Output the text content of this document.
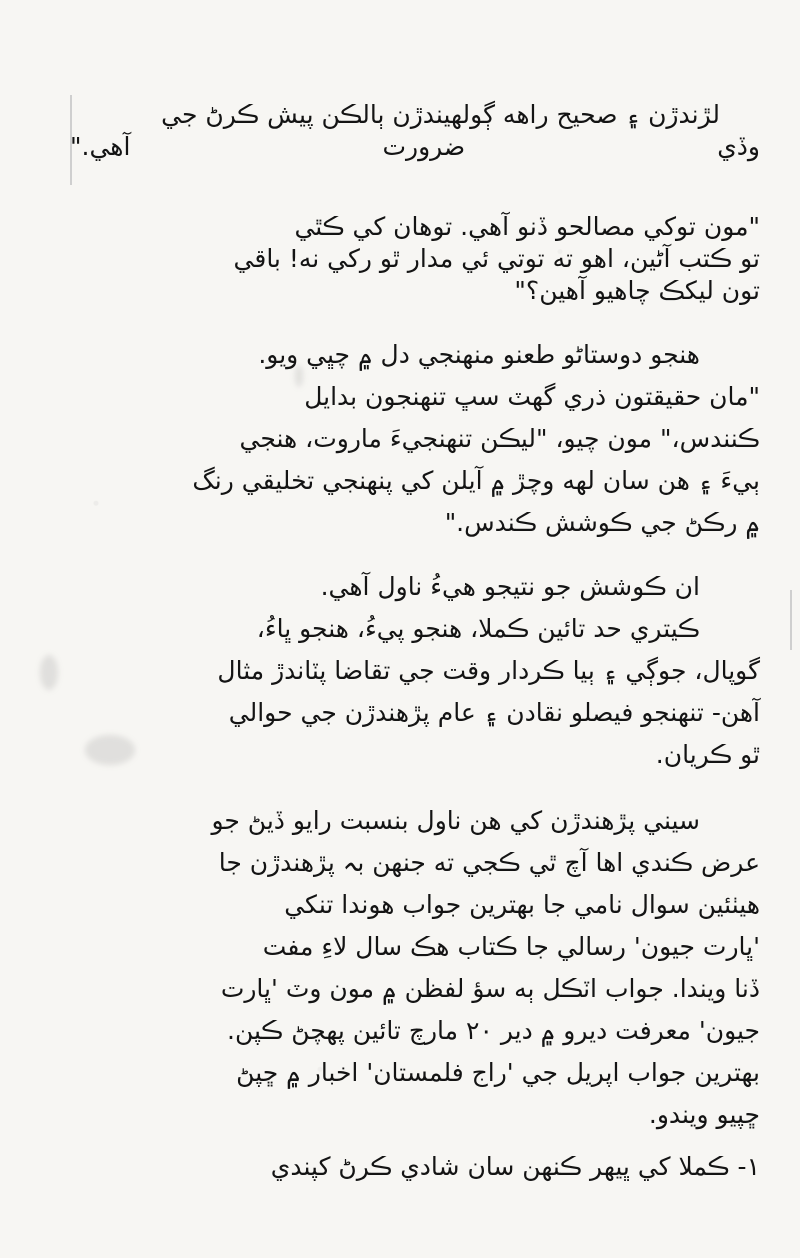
لڙندڙن ۽ صحيح راهه ڳولهيندڙن ٻالڪن پيش ڪرڻ جي
وڏي ضرورت آهي."
"مون توکي مصالحو ڏنو آهي. توهان کي ڪٿي
تو ڪتب آڻين، اهو ته توتي ئي مدار ٿو رکي نه! باقي
تون ليکڪ چاهيو آهين؟"
هنجو دوستاڻو طعنو منهنجي دل ۾ چڀي ويو.
"مان حقيقتون ذري گهٽ سڀ تنهنجون بدايل
ڪنندس،" مون چيو، "ليڪن تنهنجيءَ ماروت، هنجي
ٻيءَ ۽ هن سان لهه وچڙ ۾ آيلن کي پنهنجي تخليقي رنگ
۾ رڪڻ جي ڪوشش ڪندس."
ان ڪوشش جو نتيجو هيءُ ناول آهي.
ڪيتري حد تائين ڪملا، هنجو پيءُ، هنجو ڀاءُ،
گوپال، جوڳي ۽ ٻيا ڪردار وقت جي تقاضا پٽاندڙ مثال
آهن- تنهنجو فيصلو نقادن ۽ عام پڙهندڙن جي حوالي
ٿو ڪريان.
سيني پڙهندڙن کي هن ناول بنسبت رايو ڏيڻ جو
عرض ڪندي اها آچ ٿي ڪجي ته جنهن بہ پڙهندڙن جا
هيٺئين سوال نامي جا بهترين جواب هوندا تنکي
'ڀارت جيون' رسالي جا ڪتاب هڪ سال لاءِ مفت
ڏنا ويندا. جواب اٽڪل ٻه سؤ لفظن ۾ مون وٽ 'ڀارت
جيون' معرفت ديرو ۾ دير ۲۰ مارچ تائين پهچڻ ڪپن.
بهترين جواب اپريل جي 'راج فلمستان' اخبار ۾ ڇپڻ
ڇپيو ويندو.
۱- ڪملا کي ڀيهر ڪنهن سان شادي ڪرڻ کپندي
